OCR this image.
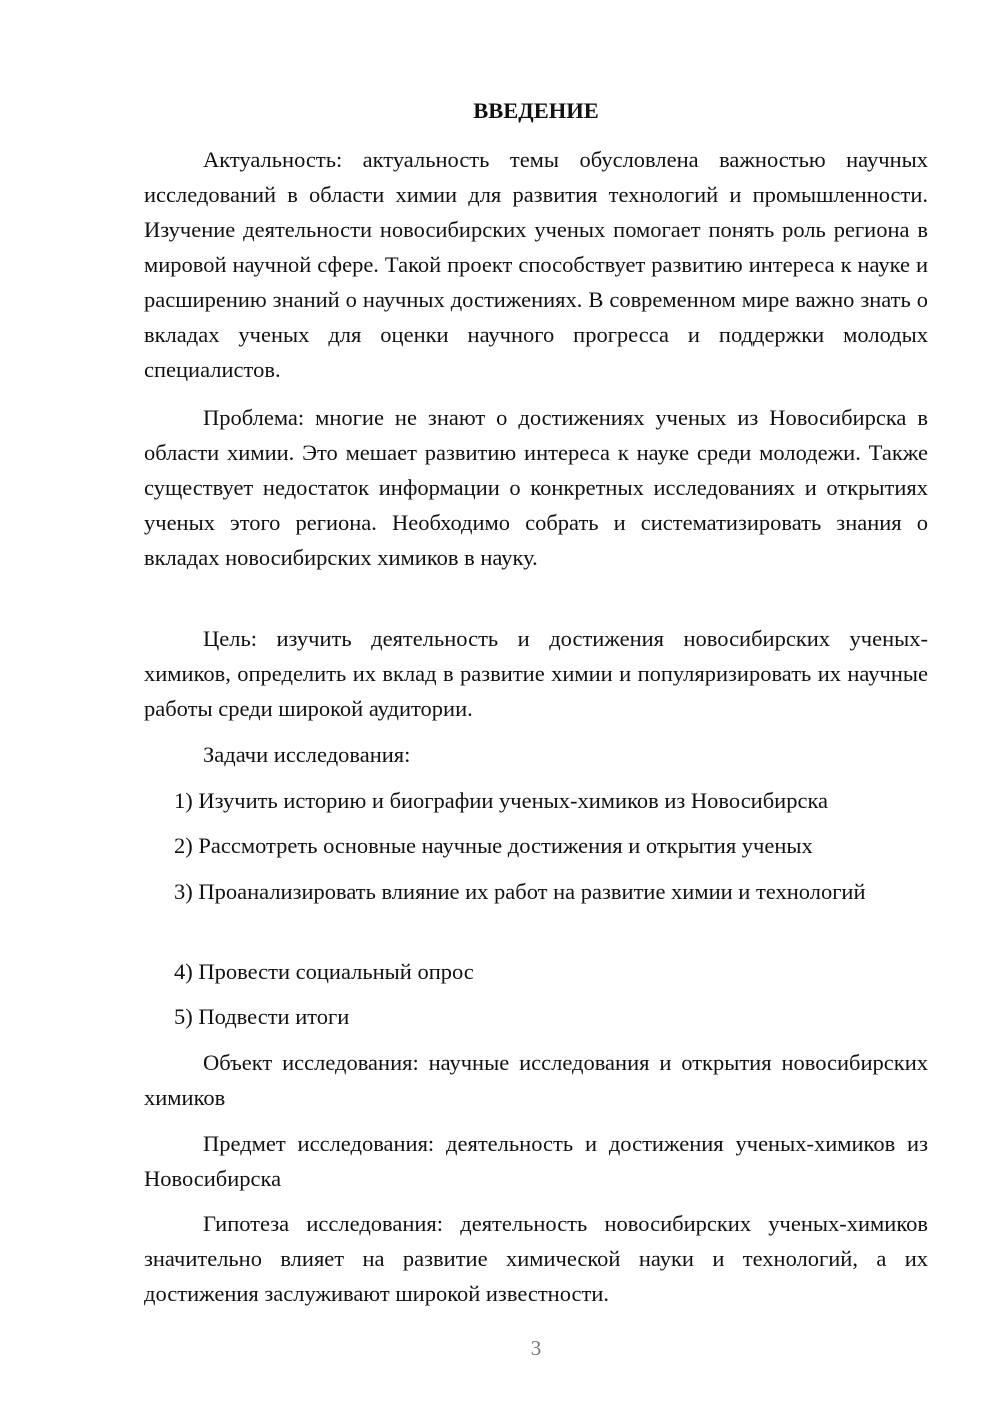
ВВЕДЕНИЕ

Актуальность: актуальность темы обусловлена важностью научных исследований в области химии для развития технологий и промышленности. Изучение деятельности новосибирских ученых помогает понять роль региона в мировой научной сфере. Такой проект способствует развитию интереса к науке и расширению знаний о научных достижениях. В современном мире важно знать о вкладах ученых для оценки научного прогресса и поддержки молодых специалистов.

Проблема: многие не знают о достижениях ученых из Новосибирска в области химии. Это мешает развитию интереса к науке среди молодежи. Также существует недостаток информации о конкретных исследованиях и открытиях ученых этого региона. Необходимо собрать и систематизировать знания о вкладах новосибирских химиков в науку.

Цель: изучить деятельность и достижения новосибирских ученых-химиков, определить их вклад в развитие химии и популяризировать их научные работы среди широкой аудитории.

Задачи исследования:

1) Изучить историю и биографии ученых-химиков из Новосибирска

2) Рассмотреть основные научные достижения и открытия ученых

3) Проанализировать влияние их работ на развитие химии и технологий

4) Провести социальный опрос

5) Подвести итоги

Объект исследования: научные исследования и открытия новосибирских химиков

Предмет исследования: деятельность и достижения ученых-химиков из Новосибирска

Гипотеза исследования: деятельность новосибирских ученых-химиков значительно влияет на развитие химической науки и технологий, а их достижения заслуживают широкой известности.

3
